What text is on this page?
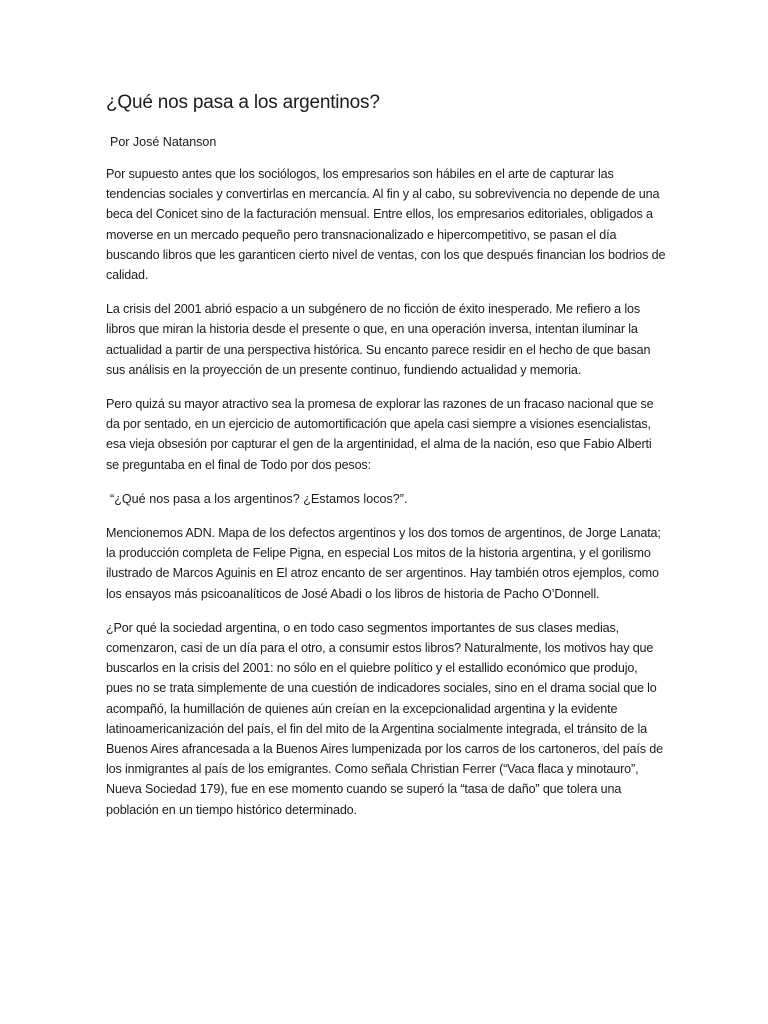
¿Qué nos pasa a los argentinos?
Por José Natanson

Por supuesto antes que los sociólogos, los empresarios son hábiles en el arte de capturar las tendencias sociales y convertirlas en mercancía. Al fin y al cabo, su sobrevivencia no depende de una beca del Conicet sino de la facturación mensual. Entre ellos, los empresarios editoriales, obligados a moverse en un mercado pequeño pero transnacionalizado e hipercompetitivo, se pasan el día buscando libros que les garanticen cierto nivel de ventas, con los que después financian los bodrios de calidad.

La crisis del 2001 abrió espacio a un subgénero de no ficción de éxito inesperado. Me refiero a los libros que miran la historia desde el presente o que, en una operación inversa, intentan iluminar la actualidad a partir de una perspectiva histórica. Su encanto parece residir en el hecho de que basan sus análisis en la proyección de un presente continuo, fundiendo actualidad y memoria.

Pero quizá su mayor atractivo sea la promesa de explorar las razones de un fracaso nacional que se da por sentado, en un ejercicio de automortificación que apela casi siempre a visiones esencialistas, esa vieja obsesión por capturar el gen de la argentinidad, el alma de la nación, eso que Fabio Alberti se preguntaba en el final de Todo por dos pesos:

“¿Qué nos pasa a los argentinos? ¿Estamos locos?”.

Mencionemos ADN. Mapa de los defectos argentinos y los dos tomos de argentinos, de Jorge Lanata; la producción completa de Felipe Pigna, en especial Los mitos de la historia argentina, y el gorilismo ilustrado de Marcos Aguinis en El atroz encanto de ser argentinos. Hay también otros ejemplos, como los ensayos más psicoanalíticos de José Abadi o los libros de historia de Pacho O’Donnell.

¿Por qué la sociedad argentina, o en todo caso segmentos importantes de sus clases medias, comenzaron, casi de un día para el otro, a consumir estos libros? Naturalmente, los motivos hay que buscarlos en la crisis del 2001: no sólo en el quiebre político y el estallido económico que produjo, pues no se trata simplemente de una cuestión de indicadores sociales, sino en el drama social que lo acompañó, la humillación de quienes aún creían en la excepcionalidad argentina y la evidente latinoamericanización del país, el fin del mito de la Argentina socialmente integrada, el tránsito de la Buenos Aires afrancesada a la Buenos Aires lumpenizada por los carros de los cartoneros, del país de los inmigrantes al país de los emigrantes. Como señala Christian Ferrer (“Vaca flaca y minotauro”, Nueva Sociedad 179), fue en ese momento cuando se superó la “tasa de daño” que tolera una población en un tiempo histórico determinado.
